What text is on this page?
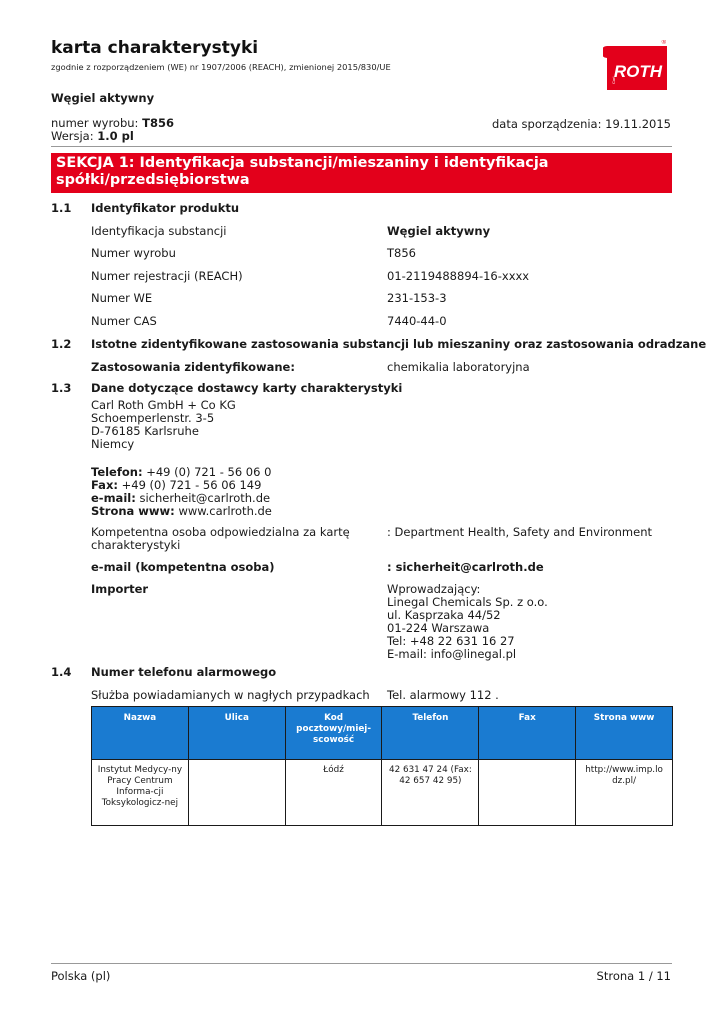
karta charakterystyki
zgodnie z rozporządzeniem (WE) nr 1907/2006 (REACH), zmienionej 2015/830/UE	ROTH
Carl
®
Węgiel aktywny
numer wyrobu: T856
Wersja: 1.0 pl
data sporządzenia: 19.11.2015
SEKCJA 1: Identyfikacja substancji/mieszaniny i identyfikacja spółki/przedsiębiorstwa
1.1 Identyfikator produktu
Identyfikacja substancji	Węgiel aktywny
Numer wyrobu	T856
Numer rejestracji (REACH)	01-2119488894-16-xxxx
Numer WE	231-153-3
Numer CAS	7440-44-0
1.2 Istotne zidentyfikowane zastosowania substancji lub mieszaniny oraz zastosowania odradzane
Zastosowania zidentyfikowane:	chemikalia laboratoryjna
1.3 Dane dotyczące dostawcy karty charakterystyki
Carl Roth GmbH + Co KG
Schoemperlenstr. 3-5
D-76185 Karlsruhe
Niemcy
Telefon: +49 (0) 721 - 56 06 0
Fax: +49 (0) 721 - 56 06 149
e-mail: sicherheit@carlroth.de
Strona www: www.carlroth.de
Kompetentna osoba odpowiedzialna za kartę
charakterystyki
: Department Health, Safety and Environment
e-mail (kompetentna osoba)	: sicherheit@carlroth.de
Importer	Wprowadzający:
Linegal Chemicals Sp. z o.o.
ul. Kasprzaka 44/52
01-224 Warszawa
Tel: +48 22 631 16 27
E-mail: info@linegal.pl
1.4 Numer telefonu alarmowego
Służba powiadamianych w nagłych przypadkach Tel. alarmowy 112 .
Nazwa	Ulica	Kod pocztowy/miej-scowość	Telefon	Fax	Strona www
Instytut Medycy-ny Pracy Centrum Informa-cji Toksykologicz-nej		Łódź	42 631 47 24 (Fax: 42 657 42 95)		http://www.imp.lo dz.pl/
Polska (pl)	Strona 1 / 11
